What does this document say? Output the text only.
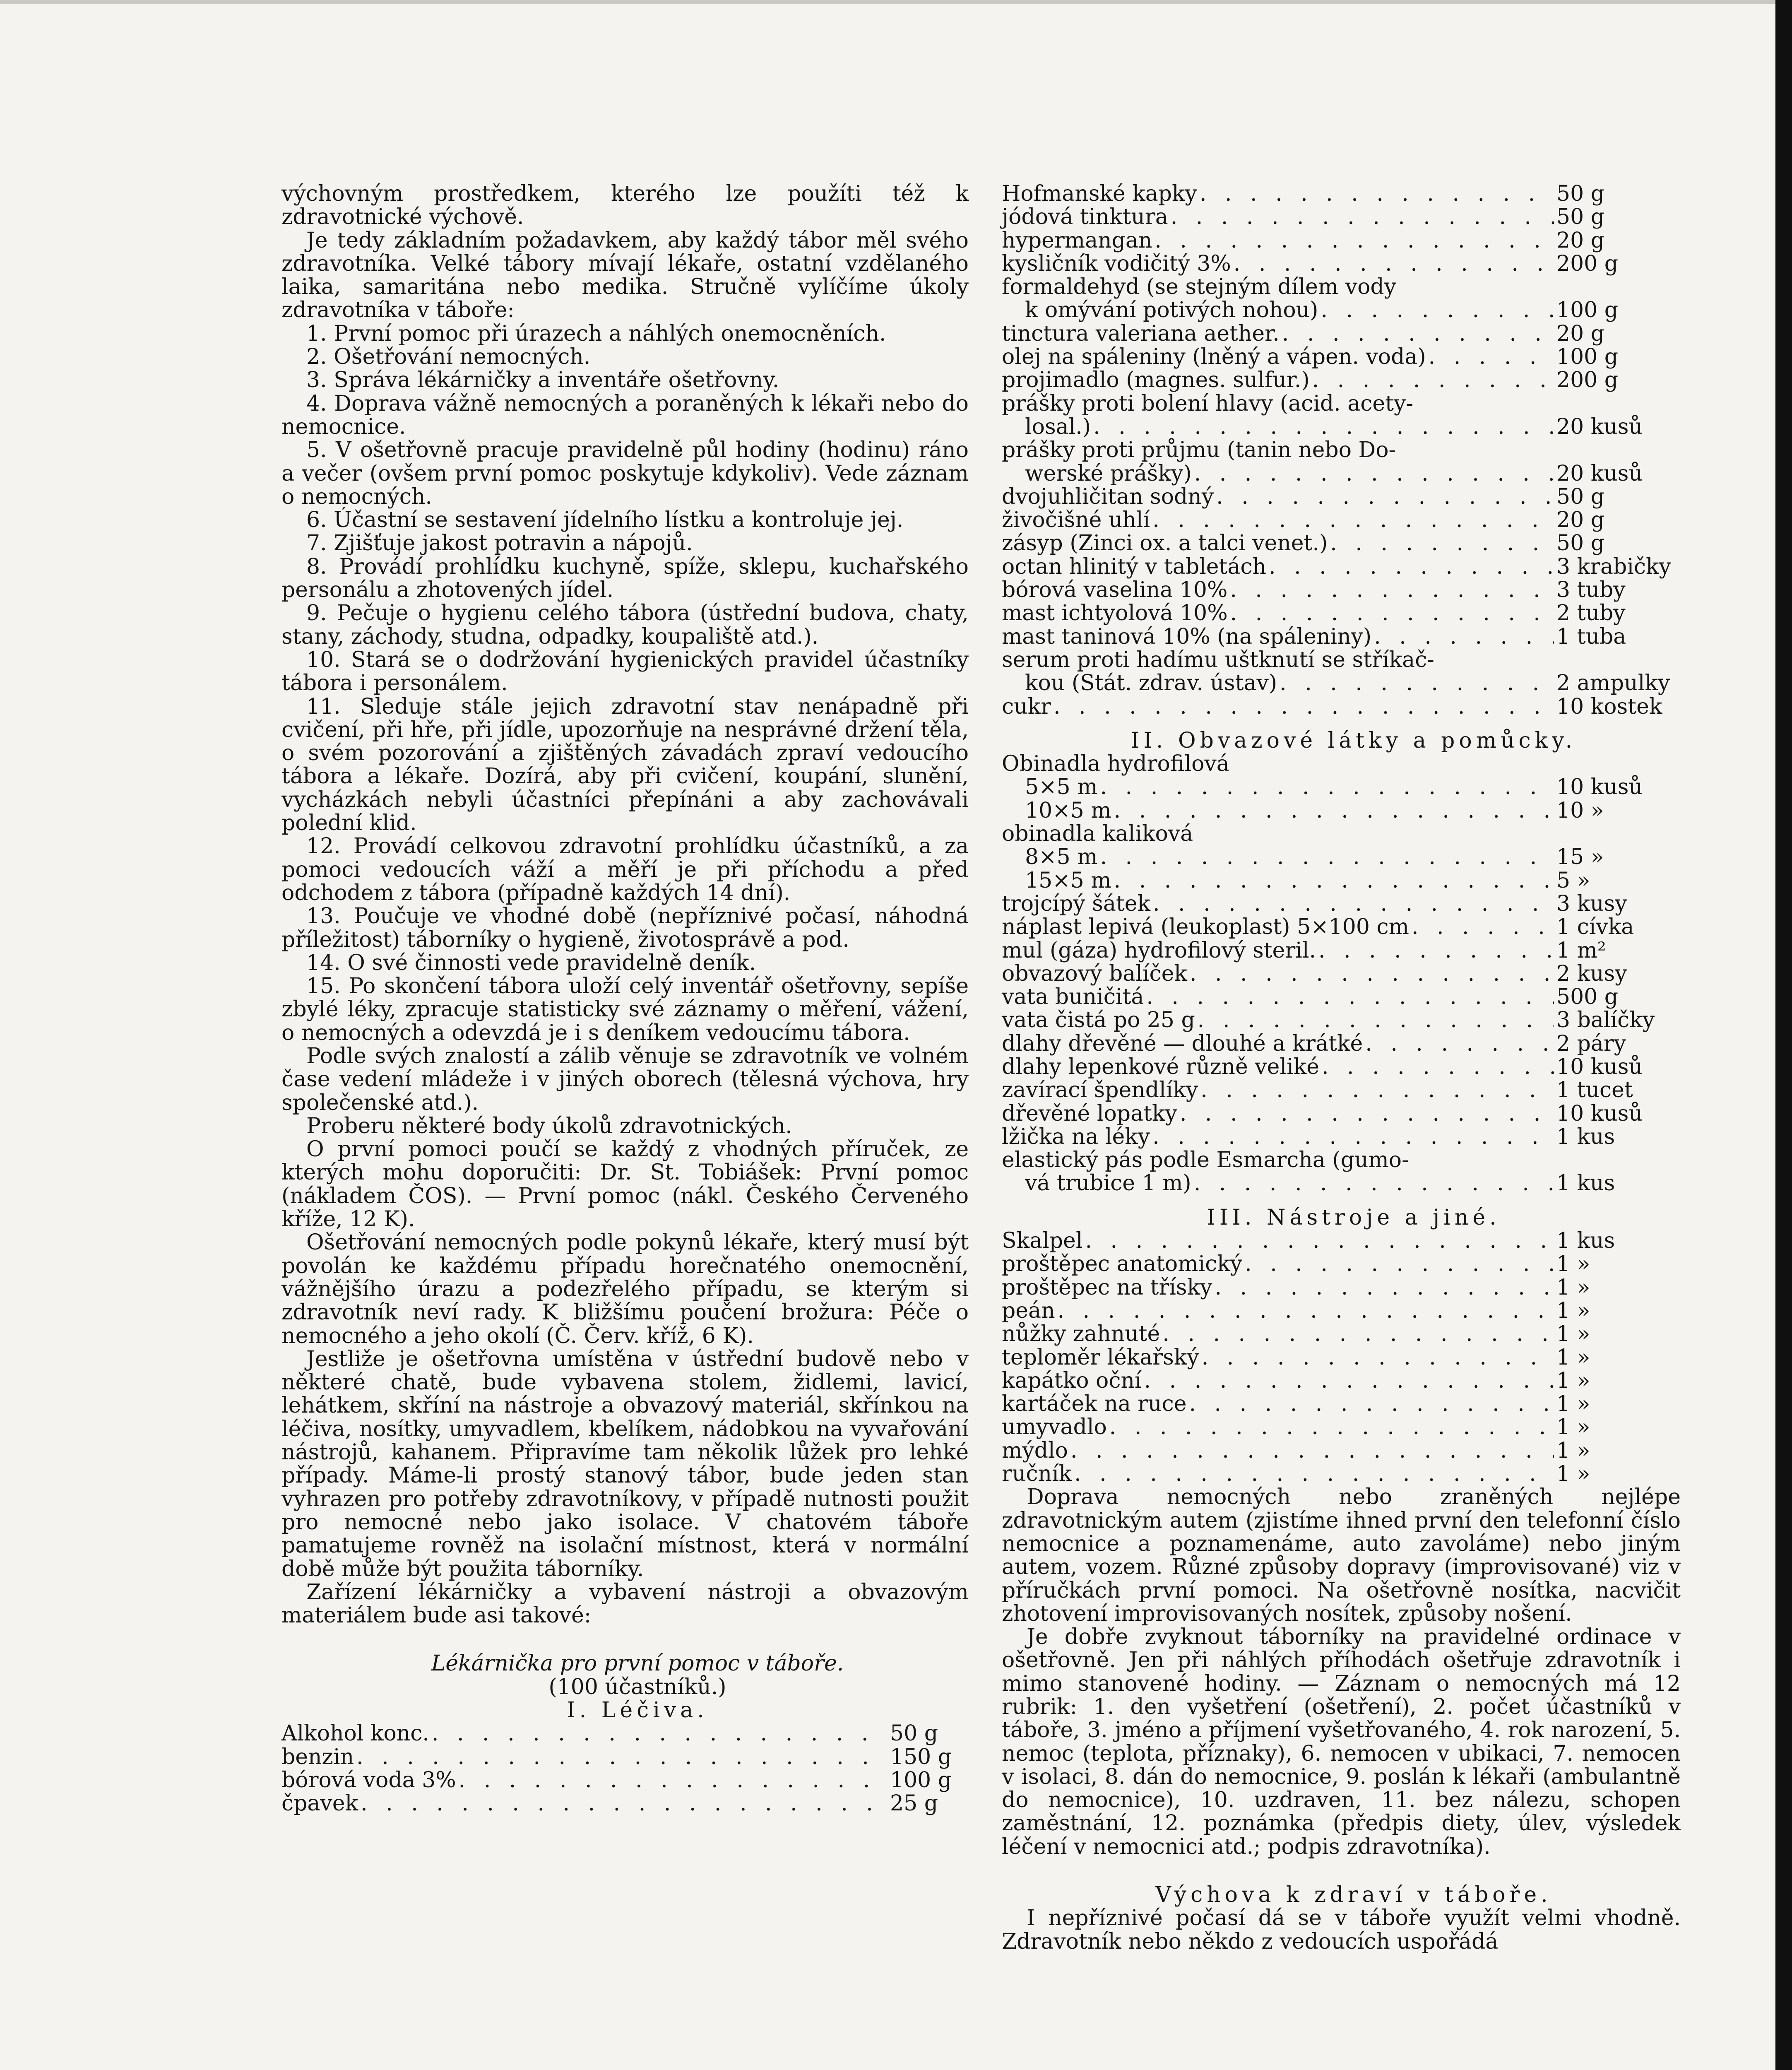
výchovným prostředkem, kterého lze použíti též k zdravotnické výchově.

Je tedy základním požadavkem, aby každý tábor měl svého zdravotníka. Velké tábory mívají lékaře, ostatní vzdělaného laika, samaritána nebo medika. Stručně vylíčíme úkoly zdravotníka v táboře:

1. První pomoc při úrazech a náhlých onemocněních.

2. Ošetřování nemocných.

3. Správa lékárničky a inventáře ošetřovny.

4. Doprava vážně nemocných a poraněných k lékaři nebo do nemocnice.

5. V ošetřovně pracuje pravidelně půl hodiny (hodinu) ráno a večer (ovšem první pomoc poskytuje kdykoliv). Vede záznam o nemocných.

6. Účastní se sestavení jídelního lístku a kontroluje jej.

7. Zjišťuje jakost potravin a nápojů.

8. Provádí prohlídku kuchyně, spíže, sklepu, kuchařského personálu a zhotovených jídel.

9. Pečuje o hygienu celého tábora (ústřední budova, chaty, stany, záchody, studna, odpadky, koupaliště atd.).

10. Stará se o dodržování hygienických pravidel účastníky tábora i personálem.

11. Sleduje stále jejich zdravotní stav nenápadně při cvičení, při hře, při jídle, upozorňuje na nesprávné držení těla, o svém pozorování a zjištěných závadách zpraví vedoucího tábora a lékaře. Dozírá, aby při cvičení, koupání, slunění, vycházkách nebyli účastníci přepínáni a aby zachovávali polední klid.

12. Provádí celkovou zdravotní prohlídku účastníků, a za pomoci vedoucích váží a měří je při příchodu a před odchodem z tábora (případně každých 14 dní).

13. Poučuje ve vhodné době (nepříznivé počasí, náhodná příležitost) táborníky o hygieně, životosprávě a pod.

14. O své činnosti vede pravidelně deník.

15. Po skončení tábora uloží celý inventář ošetřovny, sepíše zbylé léky, zpracuje statisticky své záznamy o měření, vážení, o nemocných a odevzdá je i s deníkem vedoucímu tábora.

Podle svých znalostí a zálib věnuje se zdravotník ve volném čase vedení mládeže i v jiných oborech (tělesná výchova, hry společenské atd.).

Proberu některé body úkolů zdravotnických.

O první pomoci poučí se každý z vhodných příruček, ze kterých mohu doporučiti: Dr. St. Tobiášek: První pomoc (nákladem ČOS). — První pomoc (nákl. Českého Červeného kříže, 12 K).

Ošetřování nemocných podle pokynů lékaře, který musí být povolán ke každému případu horečnatého onemocnění, vážnějšího úrazu a podezřelého případu, se kterým si zdravotník neví rady. K bližšímu poučení brožura: Péče o nemocného a jeho okolí (Č. Červ. kříž, 6 K).

Jestliže je ošetřovna umístěna v ústřední budově nebo v některé chatě, bude vybavena stolem, židlemi, lavicí, lehátkem, skříní na nástroje a obvazový materiál, skřínkou na léčiva, nosítky, umyvadlem, kbelíkem, nádobkou na vyvařování nástrojů, kahanem. Připravíme tam několik lůžek pro lehké případy. Máme-li prostý stanový tábor, bude jeden stan vyhrazen pro potřeby zdravotníkovy, v případě nutnosti použit pro nemocné nebo jako isolace. V chatovém táboře pamatujeme rovněž na isolační místnost, která v normální době může být použita táborníky.

Zařízení lékárničky a vybavení nástroji a obvazovým materiálem bude asi takové:

Lékárnička pro první pomoc v táboře.

(100 účastníků.)

I. Léčiva.

Alkohol konc. . . .	50 g
benzin . . .	150 g
bórová voda 3% . . .	100 g
čpavek . . .	25 g
Hofmanské kapky . . .	50 g
jódová tinktura . . .	50 g
hypermangan . . .	20 g
kysličník vodičitý 3% . . .	200 g
formaldehyd (se stejným dílem vody
k omývání potivých nohou) . . .	100 g
tinctura valeriana aether. . . .	20 g
olej na spáleniny (lněný a vápen. voda) . . .	100 g
projimadlo (magnes. sulfur.) . . .	200 g
prášky proti bolení hlavy (acid. acety-
losal.) . . .	20 kusů
prášky proti průjmu (tanin nebo Do-
werské prášky) . . .	20 kusů
dvojuhličitan sodný . . .	50 g
živočišné uhlí . . .	20 g
zásyp (Zinci ox. a talci venet.) . . .	50 g
octan hlinitý v tabletách . . .	3 krabičky
bórová vaselina 10% . . .	3 tuby
mast ichtyolová 10% . . .	2 tuby
mast taninová 10% (na spáleniny) . . .	1 tuba
serum proti hadímu uštknutí se stříkač-
kou (Stát. zdrav. ústav) . . .	2 ampulky
cukr . . .	10 kostek

II. Obvazové látky a pomůcky.

Obinadla hydrofilová
5×5 m . . .	10 kusů
10×5 m . . .	10 »
obinadla kaliková
8×5 m . . .	15 »
15×5 m . . .	5 »
trojcípý šátek . . .	3 kusy
náplast lepivá (leukoplast) 5×100 cm . . .	1 cívka
mul (gáza) hydrofilový steril. . . .	1 m²
obvazový balíček . . .	2 kusy
vata buničitá . . .	500 g
vata čistá po 25 g . . .	3 balíčky
dlahy dřevěné — dlouhé a krátké . . .	2 páry
dlahy lepenkové různě veliké . . .	10 kusů
zavírací špendlíky . . .	1 tucet
dřevěné lopatky . . .	10 kusů
lžička na léky . . .	1 kus
elastický pás podle Esmarcha (gumo-
vá trubice 1 m) . . .	1 kus

III. Nástroje a jiné.

Skalpel . . .	1 kus
proštěpec anatomický . . .	1 »
proštěpec na třísky . . .	1 »
peán . . .	1 »
nůžky zahnuté . . .	1 »
teploměr lékařský . . .	1 »
kapátko oční . . .	1 »
kartáček na ruce . . .	1 »
umyvadlo . . .	1 »
mýdlo . . .	1 »
ručník . . .	1 »

Doprava nemocných nebo zraněných nejlépe zdravotnickým autem (zjistíme ihned první den telefonní číslo nemocnice a poznamenáme, auto zavoláme) nebo jiným autem, vozem. Různé způsoby dopravy (improvisované) viz v příručkách první pomoci. Na ošetřovně nosítka, nacvičit zhotovení improvisovaných nosítek, způsoby nošení.

Je dobře zvyknout táborníky na pravidelné ordinace v ošetřovně. Jen při náhlých příhodách ošetřuje zdravotník i mimo stanovené hodiny. — Záznam o nemocných má 12 rubrik: 1. den vyšetření (ošetření), 2. počet účastníků v táboře, 3. jméno a příjmení vyšetřovaného, 4. rok narození, 5. nemoc (teplota, příznaky), 6. nemocen v ubikaci, 7. nemocen v isolaci, 8. dán do nemocnice, 9. poslán k lékaři (ambulantně do nemocnice), 10. uzdraven, 11. bez nálezu, schopen zaměstnání, 12. poznámka (předpis diety, úlev, výsledek léčení v nemocnici atd.; podpis zdravotníka).

Výchova k zdraví v táboře.

I nepříznivé počasí dá se v táboře využít velmi vhodně. Zdravotník nebo někdo z vedoucích uspořádá
